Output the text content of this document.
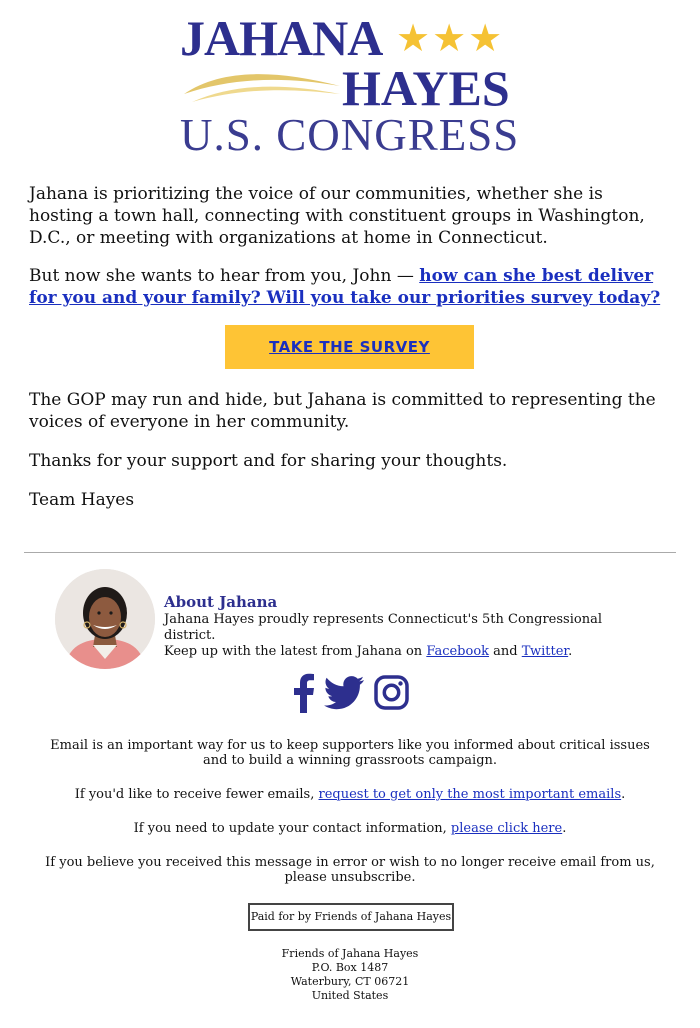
JAHANA ★★★
HAYES
U.S. CONGRESS

Jahana is prioritizing the voice of our communities, whether she is hosting a town hall, connecting with constituent groups in Washington, D.C., or meeting with organizations at home in Connecticut.

But now she wants to hear from you, John — how can she best deliver for you and your family? Will you take our priorities survey today?

TAKE THE SURVEY

The GOP may run and hide, but Jahana is committed to representing the voices of everyone in her community.

Thanks for your support and for sharing your thoughts.

Team Hayes

About Jahana
Jahana Hayes proudly represents Connecticut's 5th Congressional district.
Keep up with the latest from Jahana on Facebook and Twitter.

Email is an important way for us to keep supporters like you informed about critical issues and to build a winning grassroots campaign.

If you'd like to receive fewer emails, request to get only the most important emails.

If you need to update your contact information, please click here.

If you believe you received this message in error or wish to no longer receive email from us, please unsubscribe.

Paid for by Friends of Jahana Hayes
Friends of Jahana Hayes
P.O. Box 1487
Waterbury, CT 06721
United States
